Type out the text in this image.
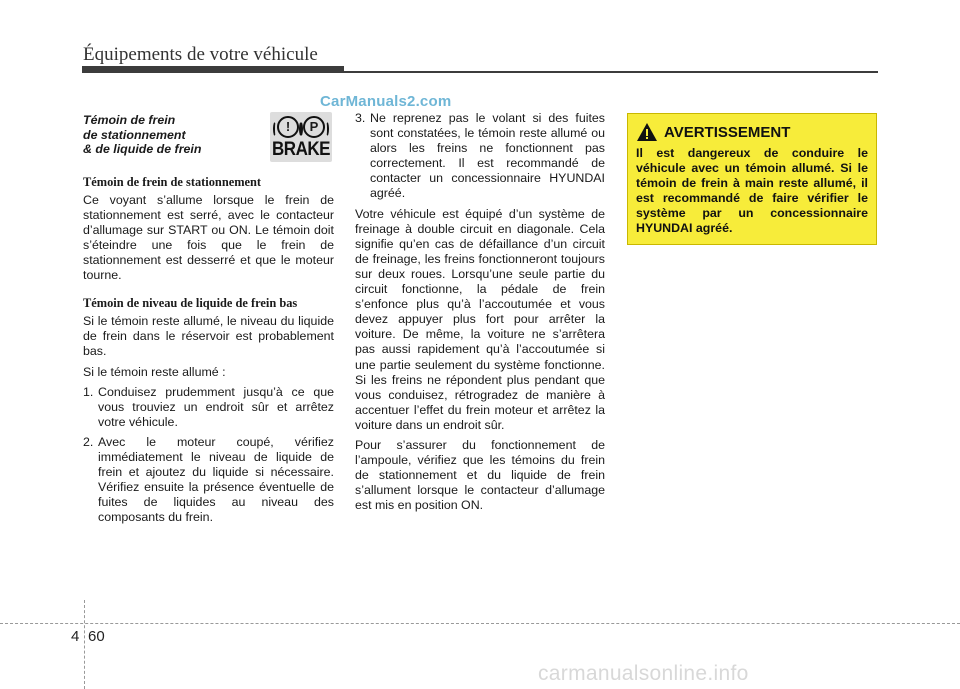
Équipements de votre véhicule
CarManuals2.com
Témoin de frein
de stationnement
& de liquide de frein
Témoin de frein de stationnement

Ce voyant s’allume lorsque le frein de stationnement est serré, avec le contacteur d’allumage sur START ou ON. Le témoin doit s’éteindre une fois que le frein de stationnement est desserré et que le moteur tourne.

Témoin de niveau de liquide de frein bas

Si le témoin reste allumé, le niveau du liquide de frein dans le réservoir est probablement bas.

Si le témoin reste allumé :

1. Conduisez prudemment jusqu’à ce que vous trouviez un endroit sûr et arrêtez votre véhicule.
2. Avec le moteur coupé, vérifiez immédiatement le niveau de liquide de frein et ajoutez du liquide si nécessaire. Vérifiez ensuite la présence éventuelle de fuites de liquides au niveau des composants du frein.
!	P
BRAKE
3. Ne reprenez pas le volant si des fuites sont constatées, le témoin reste allumé ou alors les freins ne fonctionnent pas correctement. Il est recommandé de contacter un concessionnaire HYUNDAI agréé.

Votre véhicule est équipé d’un système de freinage à double circuit en diagonale. Cela signifie qu’en cas de défaillance d’un circuit de freinage, les freins fonctionneront toujours sur deux roues. Lorsqu’une seule partie du circuit fonctionne, la pédale de frein s’enfonce plus qu’à l’accoutumée et vous devez appuyer plus fort pour arrêter la voiture. De même, la voiture ne s’arrêtera pas aussi rapidement qu’à l’accoutumée si une partie seulement du système fonctionne. Si les freins ne répondent plus pendant que vous conduisez, rétrogradez de manière à accentuer l’effet du frein moteur et arrêtez la voiture dans un endroit sûr.

Pour s’assurer du fonctionnement de l’ampoule, vérifiez que les témoins du frein de stationnement et du liquide de frein s’allument lorsque le contacteur d’allumage est mis en position ON.

AVERTISSEMENT
Il est dangereux de conduire le véhicule avec un témoin allumé. Si le témoin de frein à main reste allumé, il est recommandé de faire vérifier le système par un concessionnaire HYUNDAI agréé.
4 60
carmanualsonline.info
